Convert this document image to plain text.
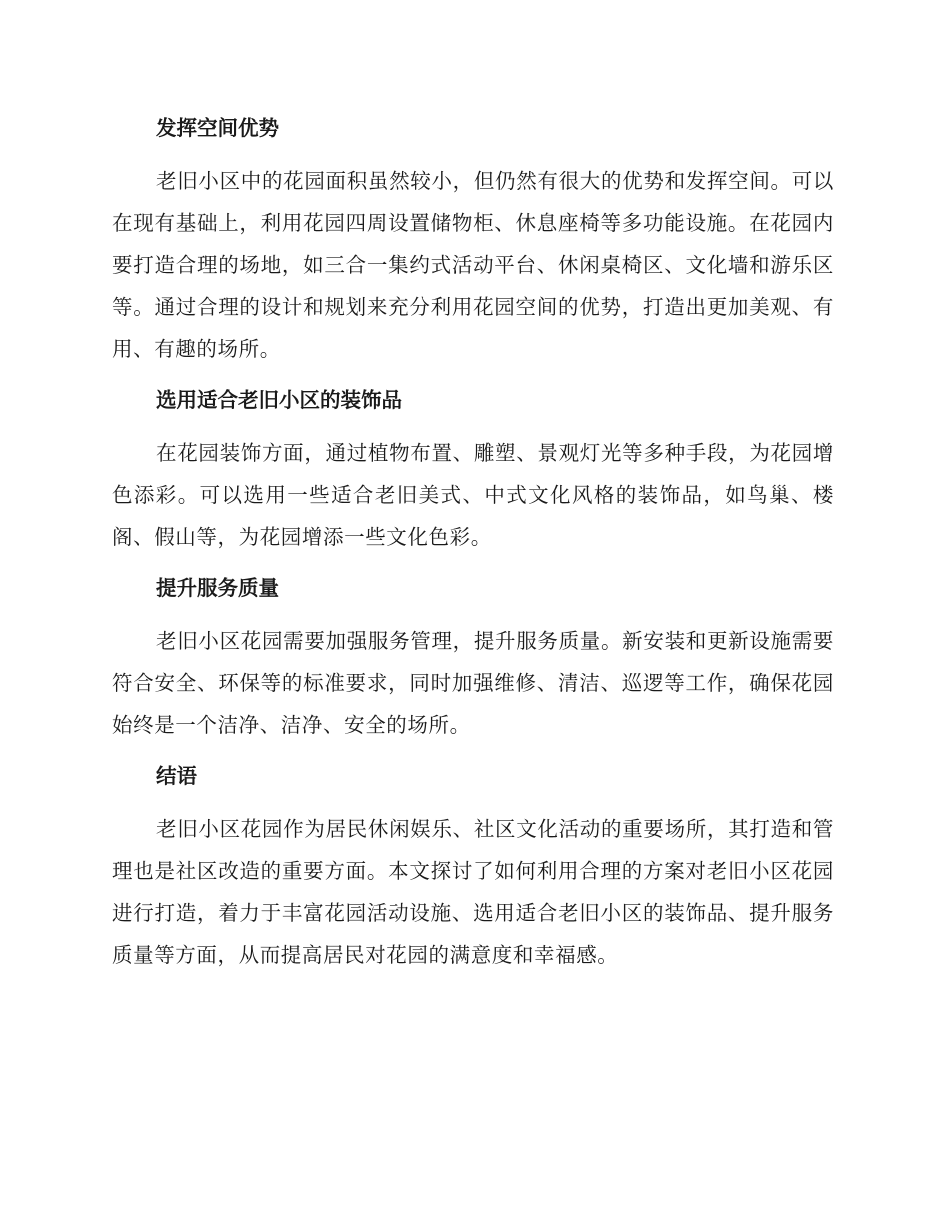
发挥空间优势

老旧小区中的花园面积虽然较小，但仍然有很大的优势和发挥空间。可以在现有基础上，利用花园四周设置储物柜、休息座椅等多功能设施。在花园内要打造合理的场地，如三合一集约式活动平台、休闲桌椅区、文化墙和游乐区等。通过合理的设计和规划来充分利用花园空间的优势，打造出更加美观、有用、有趣的场所。

选用适合老旧小区的装饰品

在花园装饰方面，通过植物布置、雕塑、景观灯光等多种手段，为花园增色添彩。可以选用一些适合老旧美式、中式文化风格的装饰品，如鸟巢、楼阁、假山等，为花园增添一些文化色彩。

提升服务质量

老旧小区花园需要加强服务管理，提升服务质量。新安装和更新设施需要符合安全、环保等的标准要求，同时加强维修、清洁、巡逻等工作，确保花园始终是一个洁净、洁净、安全的场所。

结语

老旧小区花园作为居民休闲娱乐、社区文化活动的重要场所，其打造和管理也是社区改造的重要方面。本文探讨了如何利用合理的方案对老旧小区花园进行打造，着力于丰富花园活动设施、选用适合老旧小区的装饰品、提升服务质量等方面，从而提高居民对花园的满意度和幸福感。
